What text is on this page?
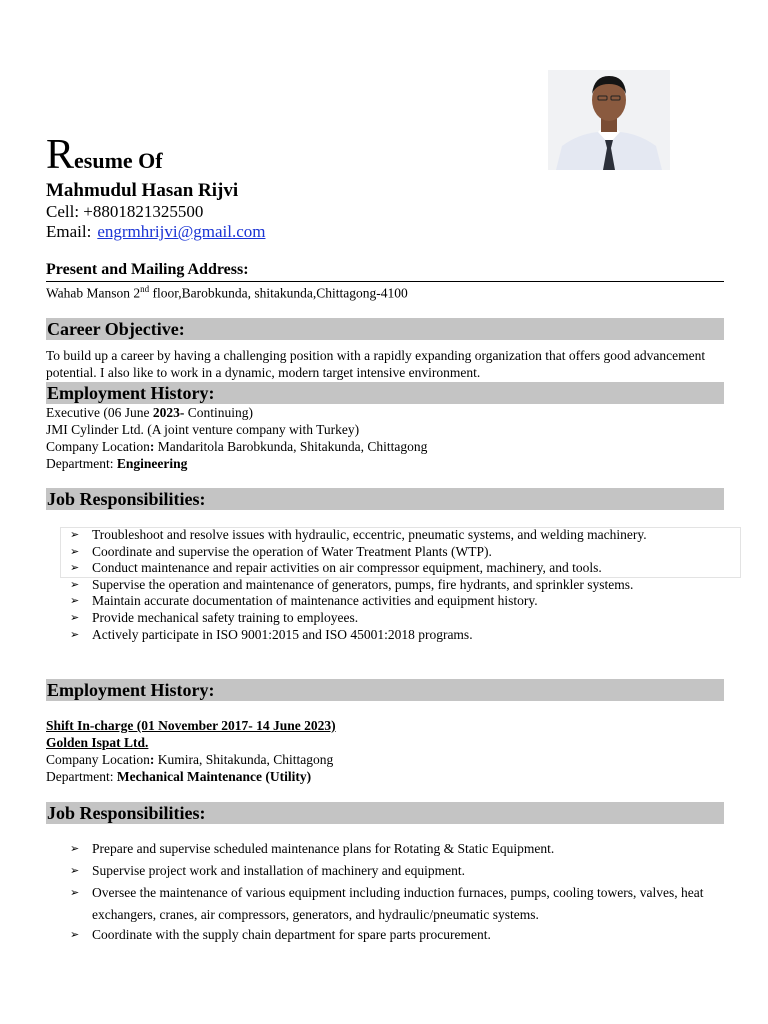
Resume Of
Mahmudul Hasan Rijvi
Cell: +8801821325500
Email: engrmhrijvi@gmail.com
Present and Mailing Address:
Wahab Manson 2nd floor,Barobkunda, shitakunda,Chittagong-4100
Career Objective:
To build up a career by having a challenging position with a rapidly expanding organization that offers good advancement potential. I also like to work in a dynamic, modern target intensive environment.
Employment History:
Executive (06 June 2023- Continuing)
JMI Cylinder Ltd. (A joint venture company with Turkey)
Company Location: Mandaritola Barobkunda, Shitakunda, Chittagong
Department: Engineering
Job Responsibilities:
➢ Troubleshoot and resolve issues with hydraulic, eccentric, pneumatic systems, and welding machinery.
➢ Coordinate and supervise the operation of Water Treatment Plants (WTP).
➢ Conduct maintenance and repair activities on air compressor equipment, machinery, and tools.
➢ Supervise the operation and maintenance of generators, pumps, fire hydrants, and sprinkler systems.
➢ Maintain accurate documentation of maintenance activities and equipment history.
➢ Provide mechanical safety training to employees.
➢ Actively participate in ISO 9001:2015 and ISO 45001:2018 programs.
Employment History:
Shift In-charge (01 November 2017- 14 June 2023)
Golden Ispat Ltd.
Company Location: Kumira, Shitakunda, Chittagong
Department: Mechanical Maintenance (Utility)
Job Responsibilities:
➢ Prepare and supervise scheduled maintenance plans for Rotating & Static Equipment.
➢ Supervise project work and installation of machinery and equipment.
➢ Oversee the maintenance of various equipment including induction furnaces, pumps, cooling towers, valves, heat exchangers, cranes, air compressors, generators, and hydraulic/pneumatic systems.
➢ Coordinate with the supply chain department for spare parts procurement.
